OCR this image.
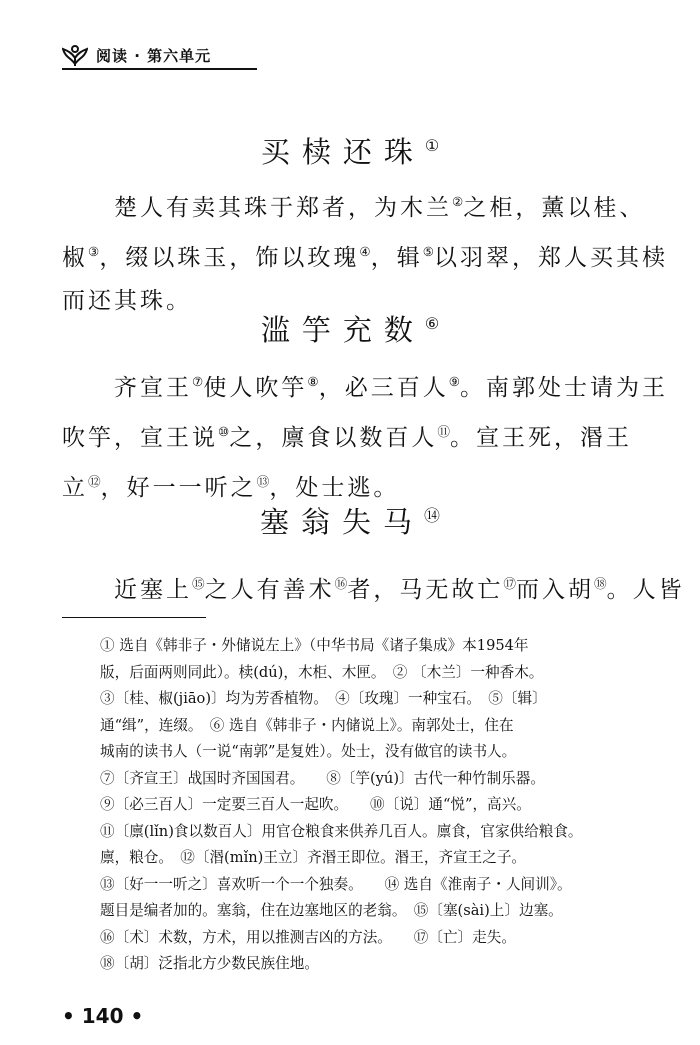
阅读 · 第六单元
买椟还珠①
　　楚人有卖其珠于郑者，为木兰②之柜，薰以桂、
椒③，缀以珠玉，饰以玫瑰④，辑⑤以羽翠，郑人买其椟
而还其珠。
滥竽充数⑥
　　齐宣王⑦使人吹竽⑧，必三百人⑨。南郭处士请为王
吹竽，宣王说⑩之，廪食以数百人⑪。宣王死，湣王
立⑫，好一一听之⑬，处士逃。
塞翁失马⑭
　　近塞上⑮之人有善术⑯者，马无故亡⑰而入胡⑱。人皆
① 选自《韩非子・外储说左上》（中华书局《诸子集成》本1954年
版，后面两则同此）。椟(dú)，木柜、木匣。　② 〔木兰〕一种香木。
③〔桂、椒(jiāo)〕均为芳香植物。　④〔玫瑰〕一种宝石。　⑤〔辑〕
通“缉”，连缀。　⑥ 选自《韩非子・内储说上》。南郭处士，住在
城南的读书人（一说“南郭”是复姓）。处士，没有做官的读书人。
⑦〔齐宣王〕战国时齐国国君。　　⑧〔竽(yú)〕古代一种竹制乐器。
⑨〔必三百人〕一定要三百人一起吹。　　⑩〔说〕通“悦”，高兴。
⑪〔廪(lǐn)食以数百人〕用官仓粮食来供养几百人。廪食，官家供给粮食。
廪，粮仓。　⑫〔湣(mǐn)王立〕齐湣王即位。湣王，齐宣王之子。
⑬〔好一一听之〕喜欢听一个一个独奏。　　⑭ 选自《淮南子・人间训》。
题目是编者加的。塞翁，住在边塞地区的老翁。　⑮〔塞(sài)上〕边塞。
⑯〔术〕术数，方术，用以推测吉凶的方法。　　⑰〔亡〕走失。
⑱〔胡〕泛指北方少数民族住地。
• 140 •
